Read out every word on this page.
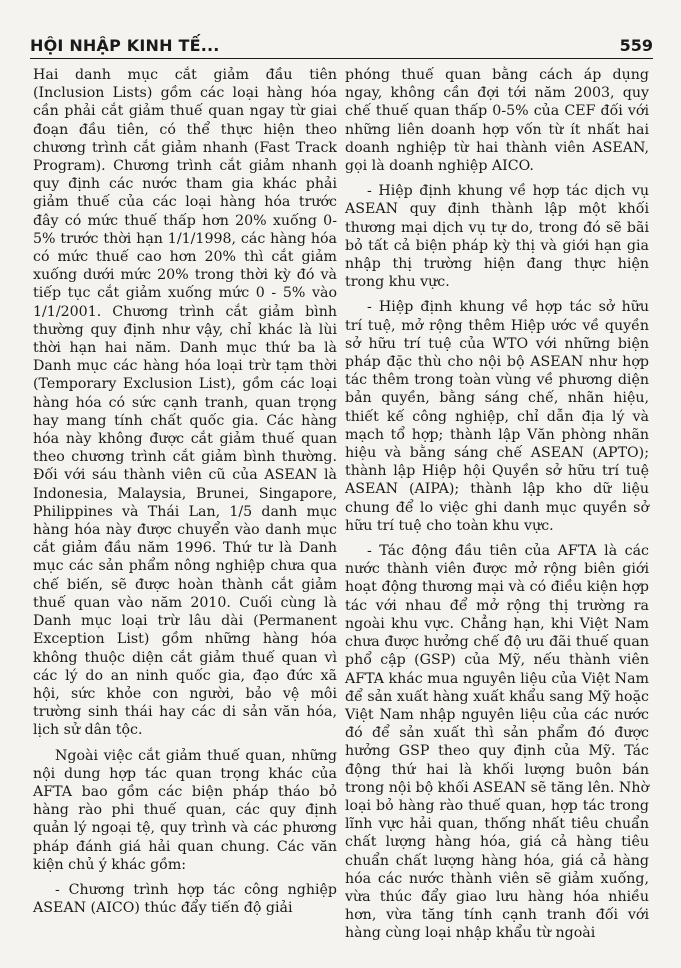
HỘI NHẬP KINH TẾ...	559

Hai danh mục cắt giảm đầu tiên (Inclusion Lists) gồm các loại hàng hóa cần phải cắt giảm thuế quan ngay từ giai đoạn đầu tiên, có thể thực hiện theo chương trình cắt giảm nhanh (Fast Track Program). Chương trình cắt giảm nhanh quy định các nước tham gia khác phải giảm thuế của các loại hàng hóa trước đây có mức thuế thấp hơn 20% xuống 0-5% trước thời hạn 1/1/1998, các hàng hóa có mức thuế cao hơn 20% thì cắt giảm xuống dưới mức 20% trong thời kỳ đó và tiếp tục cắt giảm xuống mức 0 - 5% vào 1/1/2001. Chương trình cắt giảm bình thường quy định như vậy, chỉ khác là lùi thời hạn hai năm. Danh mục thứ ba là Danh mục các hàng hóa loại trừ tạm thời (Temporary Exclusion List), gồm các loại hàng hóa có sức cạnh tranh, quan trọng hay mang tính chất quốc gia. Các hàng hóa này không được cắt giảm thuế quan theo chương trình cắt giảm bình thường. Đối với sáu thành viên cũ của ASEAN là Indonesia, Malaysia, Brunei, Singapore, Philippines và Thái Lan, 1/5 danh mục hàng hóa này được chuyển vào danh mục cắt giảm đầu năm 1996. Thứ tư là Danh mục các sản phẩm nông nghiệp chưa qua chế biến, sẽ được hoàn thành cắt giảm thuế quan vào năm 2010. Cuối cùng là Danh mục loại trừ lâu dài (Permanent Exception List) gồm những hàng hóa không thuộc diện cắt giảm thuế quan vì các lý do an ninh quốc gia, đạo đức xã hội, sức khỏe con người, bảo vệ môi trường sinh thái hay các di sản văn hóa, lịch sử dân tộc.

Ngoài việc cắt giảm thuế quan, những nội dung hợp tác quan trọng khác của AFTA bao gồm các biện pháp tháo bỏ hàng rào phi thuế quan, các quy định quản lý ngoại tệ, quy trình và các phương pháp đánh giá hải quan chung. Các văn kiện chủ ý khác gồm:

- Chương trình hợp tác công nghiệp ASEAN (AICO) thúc đẩy tiến độ giải

phóng thuế quan bằng cách áp dụng ngay, không cần đợi tới năm 2003, quy chế thuế quan thấp 0-5% của CEF đối với những liên doanh hợp vốn từ ít nhất hai doanh nghiệp từ hai thành viên ASEAN, gọi là doanh nghiệp AICO.

- Hiệp định khung về hợp tác dịch vụ ASEAN quy định thành lập một khối thương mại dịch vụ tự do, trong đó sẽ bãi bỏ tất cả biện pháp kỳ thị và giới hạn gia nhập thị trường hiện đang thực hiện trong khu vực.

- Hiệp định khung về hợp tác sở hữu trí tuệ, mở rộng thêm Hiệp ước về quyền sở hữu trí tuệ của WTO với những biện pháp đặc thù cho nội bộ ASEAN như hợp tác thêm trong toàn vùng về phương diện bản quyền, bằng sáng chế, nhãn hiệu, thiết kế công nghiệp, chỉ dẫn địa lý và mạch tổ hợp; thành lập Văn phòng nhãn hiệu và bằng sáng chế ASEAN (APTO); thành lập Hiệp hội Quyền sở hữu trí tuệ ASEAN (AIPA); thành lập kho dữ liệu chung để lo việc ghi danh mục quyền sở hữu trí tuệ cho toàn khu vực.

- Tác động đầu tiên của AFTA là các nước thành viên được mở rộng biên giới hoạt động thương mại và có điều kiện hợp tác với nhau để mở rộng thị trường ra ngoài khu vực. Chẳng hạn, khi Việt Nam chưa được hưởng chế độ ưu đãi thuế quan phổ cập (GSP) của Mỹ, nếu thành viên AFTA khác mua nguyên liệu của Việt Nam để sản xuất hàng xuất khẩu sang Mỹ hoặc Việt Nam nhập nguyên liệu của các nước đó để sản xuất thì sản phẩm đó được hưởng GSP theo quy định của Mỹ. Tác động thứ hai là khối lượng buôn bán trong nội bộ khối ASEAN sẽ tăng lên. Nhờ loại bỏ hàng rào thuế quan, hợp tác trong lĩnh vực hải quan, thống nhất tiêu chuẩn chất lượng hàng hóa, giá cả hàng tiêu chuẩn chất lượng hàng hóa, giá cả hàng hóa các nước thành viên sẽ giảm xuống, vừa thúc đẩy giao lưu hàng hóa nhiều hơn, vừa tăng tính cạnh tranh đối với hàng cùng loại nhập khẩu từ ngoài
